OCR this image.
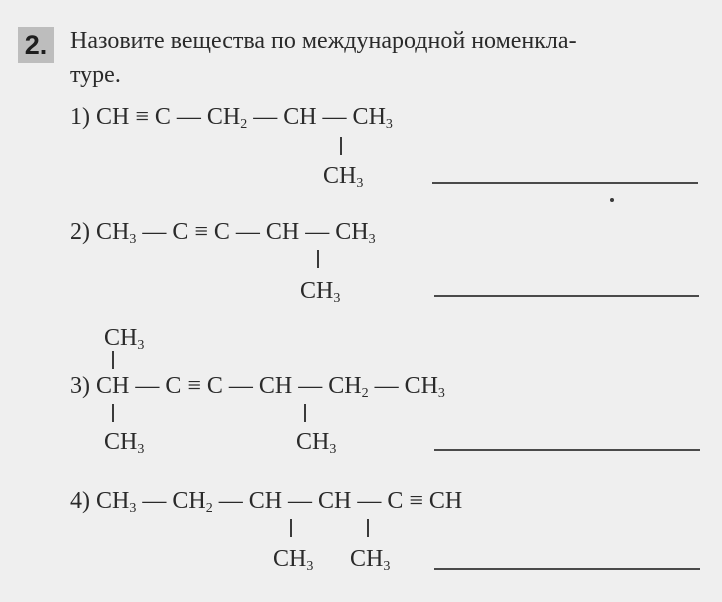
2. Назовите вещества по международной номенкла-
туре.
1) CH ≡ C — $CH_2$ — CH — $CH_3$
$CH_3$
2) $CH_3$ — C ≡ C — CH — $CH_3$
$CH_3$
$CH_3$
3) CH — C ≡ C — CH — $CH_2$ — $CH_3$
$CH_3$	$CH_3$
4) $CH_3$ — $CH_2$ — CH — CH — C ≡ CH
$CH_3$ $CH_3$
